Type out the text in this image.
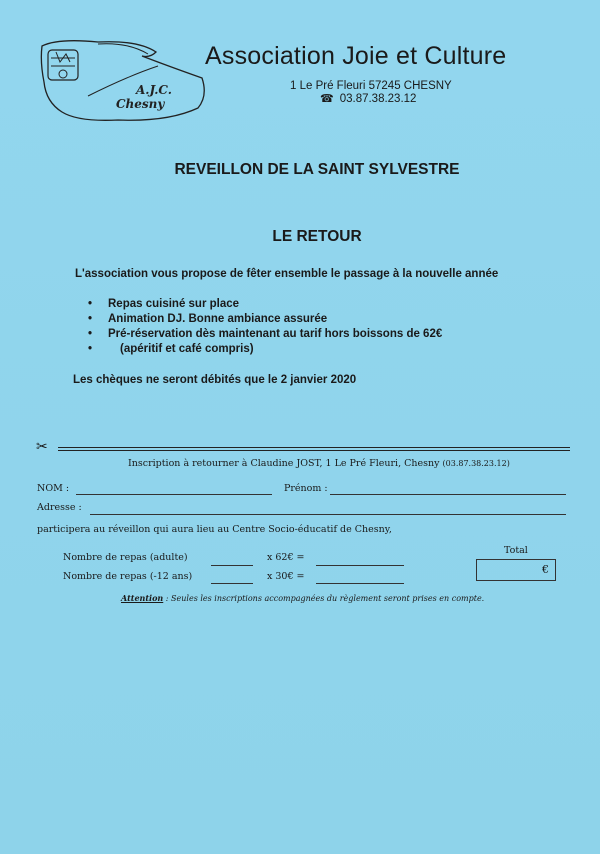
A.J.C.
Chesny
Association Joie et Culture
1 Le Pré Fleuri 57245 CHESNY
☎ 03.87.38.23.12
REVEILLON DE LA SAINT SYLVESTRE
LE RETOUR
L'association vous propose de fêter ensemble le passage à la nouvelle année
• Repas cuisiné sur place
• Animation DJ. Bonne ambiance assurée
• Pré-réservation dès maintenant au tarif hors boissons de 62€
• (apéritif et café compris)
Les chèques ne seront débités que le 2 janvier 2020
✂
Inscription à retourner à Claudine JOST, 1 Le Pré Fleuri, Chesny (03.87.38.23.12)
NOM :	Prénom :
Adresse :
participera au réveillon qui aura lieu au Centre Socio-éducatif de Chesny,
Nombre de repas (adulte)	x 62€ =
Nombre de repas (-12 ans)	x 30€ =
Total
€
Attention : Seules les inscriptions accompagnées du règlement seront prises en compte.
